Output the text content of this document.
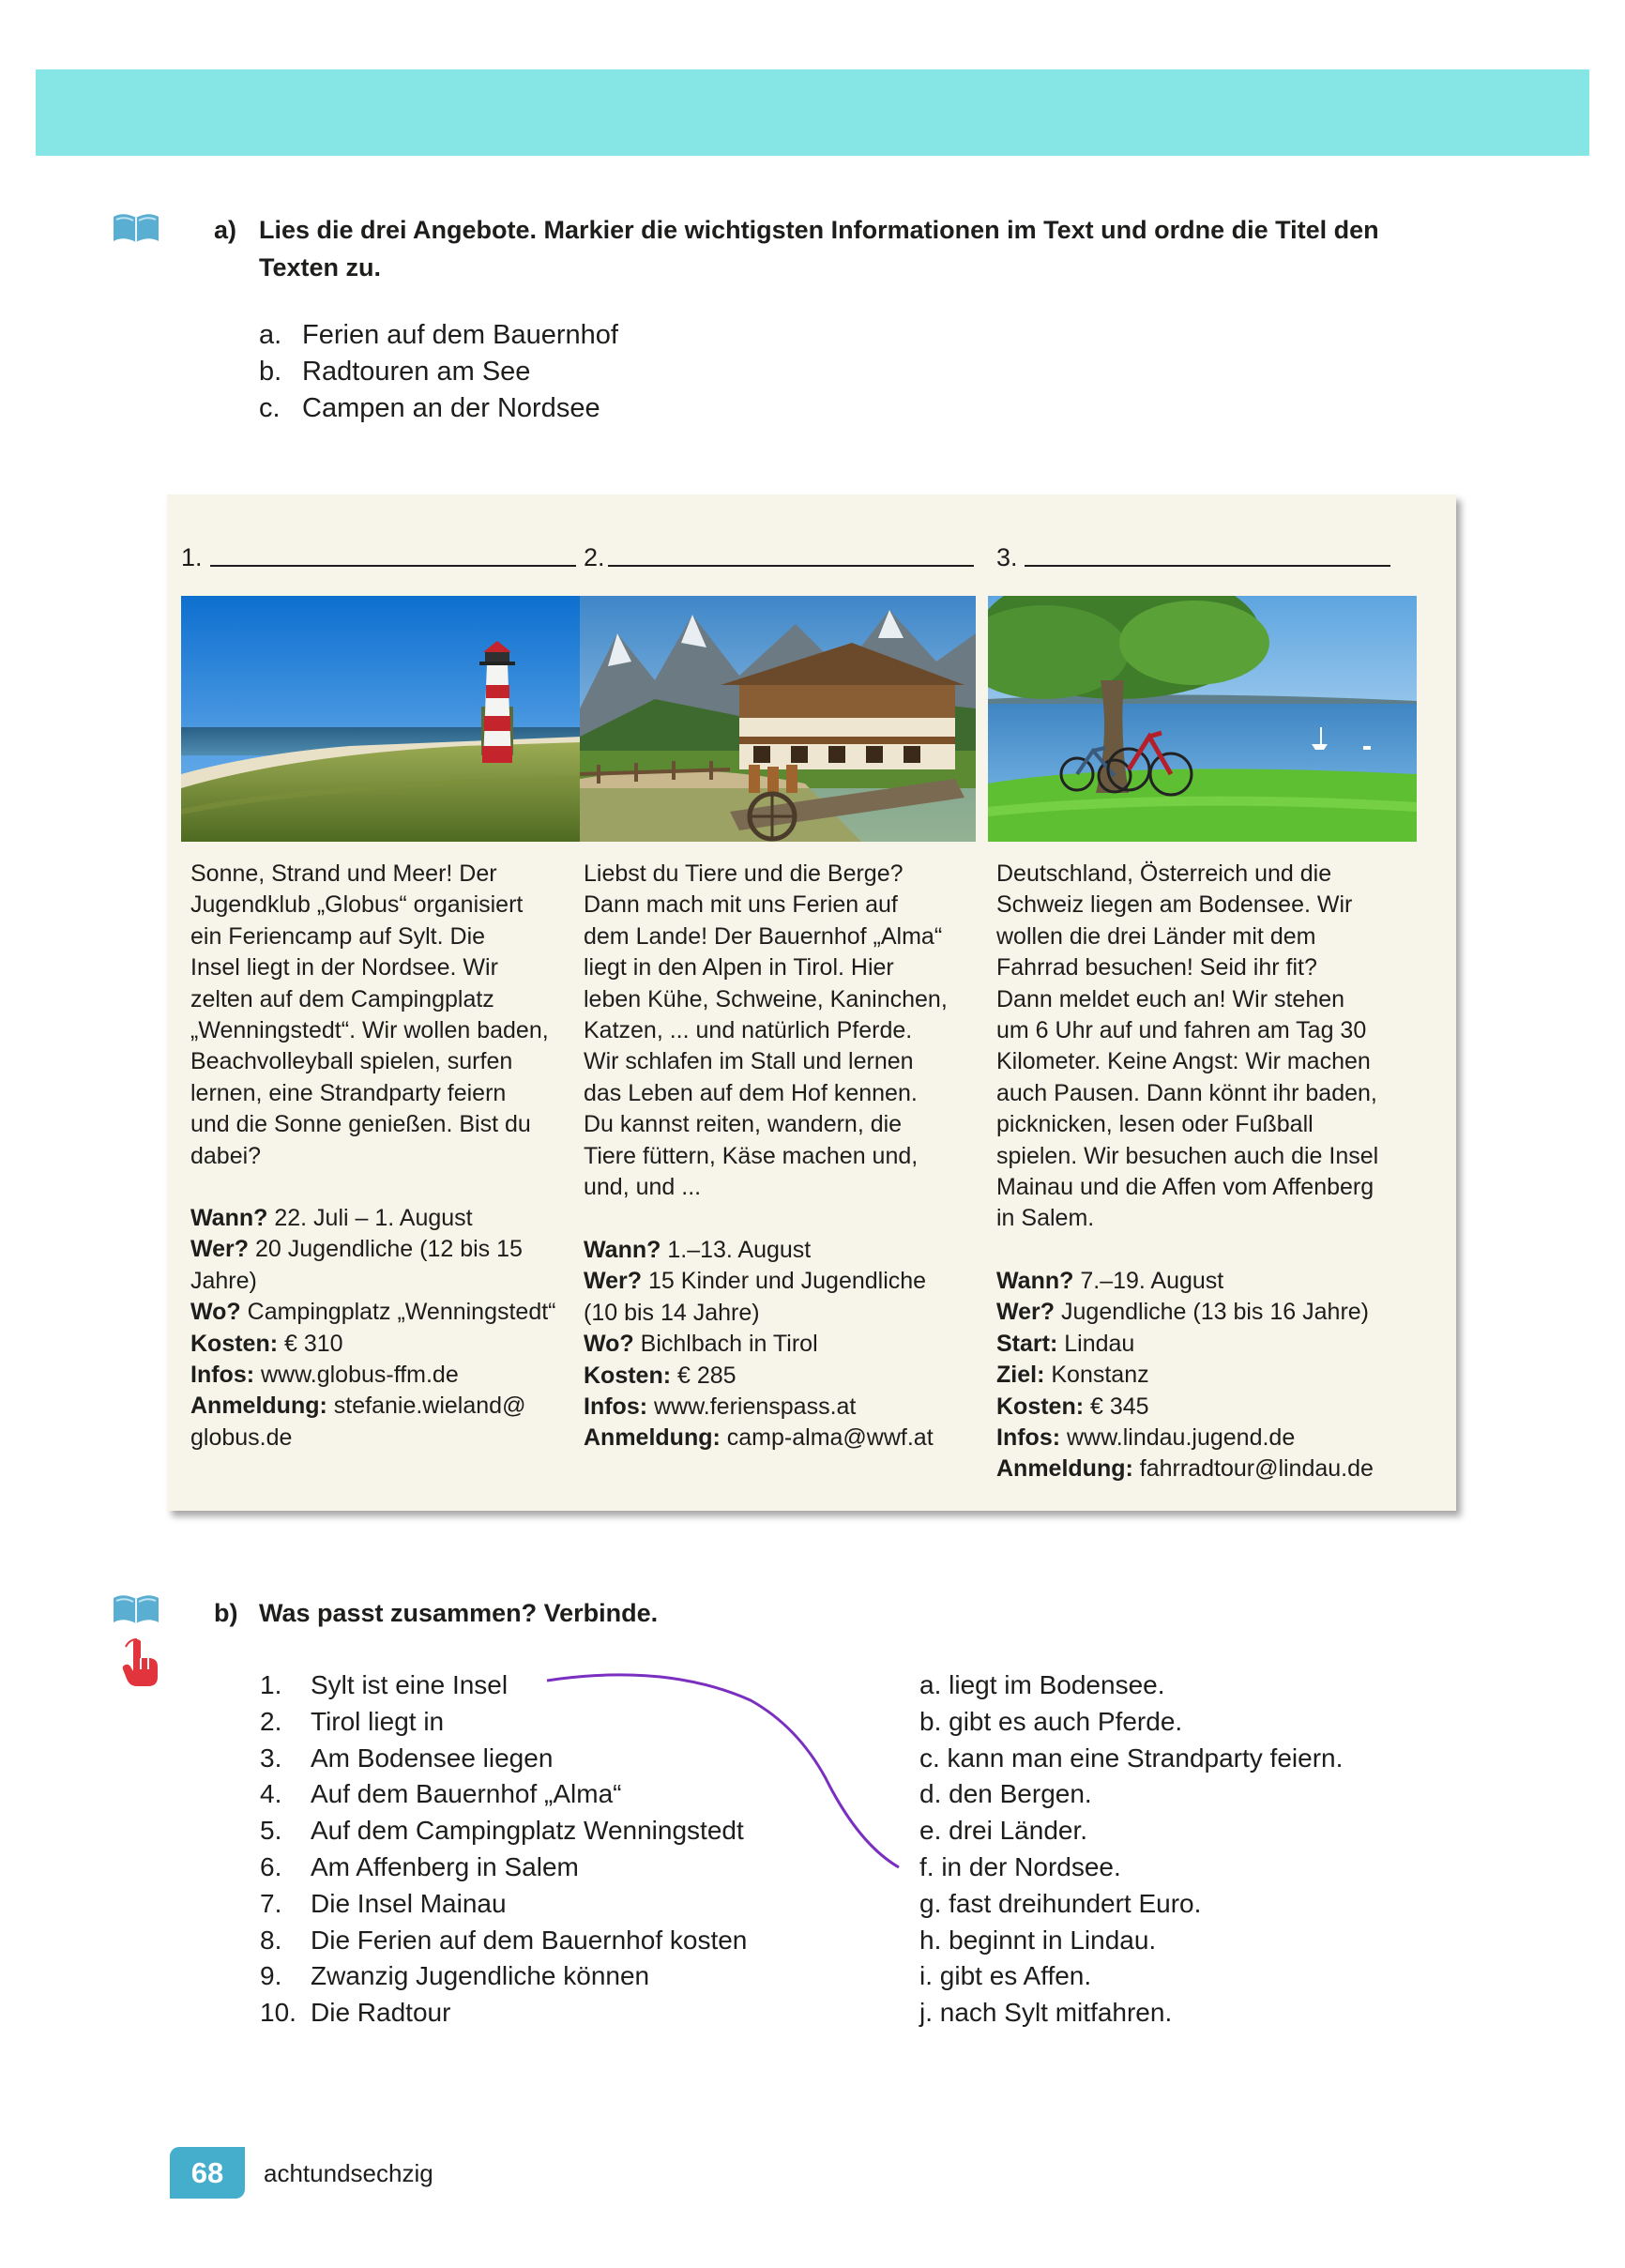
a) Lies die drei Angebote. Markier die wichtigsten Informationen im Text und ordne die Titel den
Texten zu.
a. Ferien auf dem Bauernhof
b. Radtouren am See
c. Campen an der Nordsee
1.

Sonne, Strand und Meer! Der

Jugendklub „Globus“ organisiert

ein Feriencamp auf Sylt. Die

Insel liegt in der Nordsee. Wir

zelten auf dem Campingplatz

„Wenningstedt“. Wir wollen baden,

Beachvolleyball spielen, surfen

lernen, eine Strandparty feiern

und die Sonne genießen. Bist du

dabei?

Wann? 22. Juli – 1. August

Wer? 20 Jugendliche (12 bis 15

Jahre)

Wo? Campingplatz „Wenningstedt“

Kosten: € 310

Infos: www.globus-ffm.de

Anmeldung: stefanie.wieland@

globus.de

2.

Liebst du Tiere und die Berge?

Dann mach mit uns Ferien auf

dem Lande! Der Bauernhof „Alma“

liegt in den Alpen in Tirol. Hier

leben Kühe, Schweine, Kaninchen,

Katzen, ... und natürlich Pferde.

Wir schlafen im Stall und lernen

das Leben auf dem Hof kennen.

Du kannst reiten, wandern, die

Tiere füttern, Käse machen und,

und, und ...

Wann? 1.–13. August

Wer? 15 Kinder und Jugendliche

(10 bis 14 Jahre)

Wo? Bichlbach in Tirol

Kosten: € 285

Infos: www.ferienspass.at

Anmeldung: camp-alma@wwf.at

3.

Deutschland, Österreich und die

Schweiz liegen am Bodensee. Wir

wollen die drei Länder mit dem

Fahrrad besuchen! Seid ihr fit?

Dann meldet euch an! Wir stehen

um 6 Uhr auf und fahren am Tag 30

Kilometer. Keine Angst: Wir machen

auch Pausen. Dann könnt ihr baden,

picknicken, lesen oder Fußball

spielen. Wir besuchen auch die Insel

Mainau und die Affen vom Affenberg

in Salem.

Wann? 7.–19. August

Wer? Jugendliche (13 bis 16 Jahre)

Start: Lindau

Ziel: Konstanz

Kosten: € 345

Infos: www.lindau.jugend.de

Anmeldung: fahrradtour@lindau.de

b) Was passt zusammen? Verbinde.
1. Sylt ist eine Insel
2. Tirol liegt in
3. Am Bodensee liegen
4. Auf dem Bauernhof „Alma“
5. Auf dem Campingplatz Wenningstedt
6. Am Affenberg in Salem
7. Die Insel Mainau
8. Die Ferien auf dem Bauernhof kosten
9. Zwanzig Jugendliche können
10. Die Radtour
a. liegt im Bodensee.
b. gibt es auch Pferde.
c. kann man eine Strandparty feiern.
d. den Bergen.
e. drei Länder.
f. in der Nordsee.
g. fast dreihundert Euro.
h. beginnt in Lindau.
i. gibt es Affen.
j. nach Sylt mitfahren.
68	achtundsechzig
